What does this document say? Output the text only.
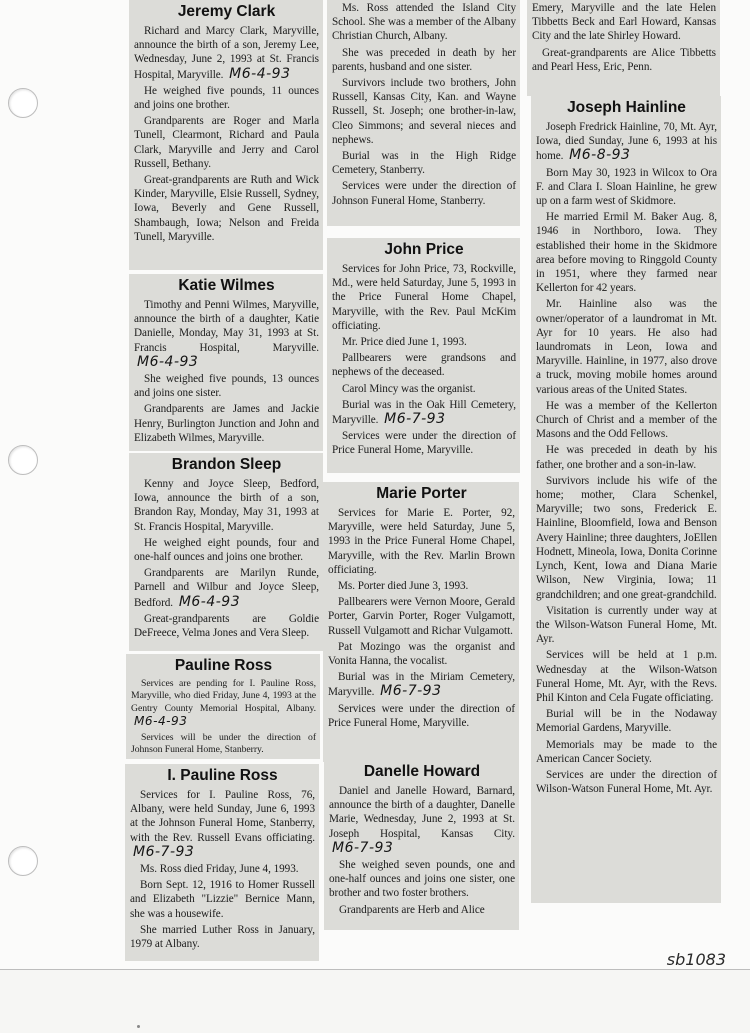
Jeremy Clark
Richard and Marcy Clark, Maryville, announce the birth of a son, Jeremy Lee, Wednesday, June 2, 1993 at St. Francis Hospital, Maryville. M6-4-93
He weighed five pounds, 11 ounces and joins one brother.
Grandparents are Roger and Marla Tunell, Clearmont, Richard and Paula Clark, Maryville and Jerry and Carol Russell, Bethany.
Great-grandparents are Ruth and Wick Kinder, Maryville, Elsie Russell, Sydney, Iowa, Beverly and Gene Russell, Shambaugh, Iowa; Nelson and Freida Tunell, Maryville.
Katie Wilmes
Timothy and Penni Wilmes, Maryville, announce the birth of a daughter, Katie Danielle, Monday, May 31, 1993 at St. Francis Hospital, Maryville. M6-4-93
She weighed five pounds, 13 ounces and joins one sister.
Grandparents are James and Jackie Henry, Burlington Junction and John and Elizabeth Wilmes, Maryville.
Brandon Sleep
Kenny and Joyce Sleep, Bedford, Iowa, announce the birth of a son, Brandon Ray, Monday, May 31, 1993 at St. Francis Hospital, Maryville.
He weighed eight pounds, four and one-half ounces and joins one brother.
Grandparents are Marilyn Runde, Parnell and Wilbur and Joyce Sleep, Bedford. M6-4-93
Great-grandparents are Goldie DeFreece, Velma Jones and Vera Sleep.
Pauline Ross
Services are pending for I. Pauline Ross, Maryville, who died Friday, June 4, 1993 at the Gentry County Memorial Hospital, Albany. M6-4-93
Services will be under the direction of Johnson Funeral Home, Stanberry.
I. Pauline Ross
Services for I. Pauline Ross, 76, Albany, were held Sunday, June 6, 1993 at the Johnson Funeral Home, Stanberry, with the Rev. Russell Evans officiating. M6-7-93
Ms. Ross died Friday, June 4, 1993.
Born Sept. 12, 1916 to Homer Russell and Elizabeth "Lizzie" Bernice Mann, she was a housewife.
She married Luther Ross in January, 1979 at Albany.
Ms. Ross attended the Island City School. She was a member of the Albany Christian Church, Albany.
She was preceded in death by her parents, husband and one sister.
Survivors include two brothers, John Russell, Kansas City, Kan. and Wayne Russell, St. Joseph; one brother-in-law, Cleo Simmons; and several nieces and nephews.
Burial was in the High Ridge Cemetery, Stanberry.
Services were under the direction of Johnson Funeral Home, Stanberry.
John Price
Services for John Price, 73, Rockville, Md., were held Saturday, June 5, 1993 in the Price Funeral Home Chapel, Maryville, with the Rev. Paul McKim officiating.
Mr. Price died June 1, 1993.
Pallbearers were grandsons and nephews of the deceased.
Carol Mincy was the organist.
Burial was in the Oak Hill Cemetery, Maryville. M6-7-93
Services were under the direction of Price Funeral Home, Maryville.
Marie Porter
Services for Marie E. Porter, 92, Maryville, were held Saturday, June 5, 1993 in the Price Funeral Home Chapel, Maryville, with the Rev. Marlin Brown officiating.
Ms. Porter died June 3, 1993.
Pallbearers were Vernon Moore, Gerald Porter, Garvin Porter, Roger Vulgamott, Russell Vulgamott and Richar Vulgamott.
Pat Mozingo was the organist and Vonita Hanna, the vocalist.
Burial was in the Miriam Cemetery, Maryville. M6-7-93
Services were under the direction of Price Funeral Home, Maryville.
Danelle Howard
Daniel and Janelle Howard, Barnard, announce the birth of a daughter, Danelle Marie, Wednesday, June 2, 1993 at St. Joseph Hospital, Kansas City. M6-7-93
She weighed seven pounds, one and one-half ounces and joins one sister, one brother and two foster brothers.
Grandparents are Herb and Alice
Emery, Maryville and the late Helen Tibbetts Beck and Earl Howard, Kansas City and the late Shirley Howard.
Great-grandparents are Alice Tibbetts and Pearl Hess, Eric, Penn.
Joseph Hainline
Joseph Fredrick Hainline, 70, Mt. Ayr, Iowa, died Sunday, June 6, 1993 at his home. M6-8-93
Born May 30, 1923 in Wilcox to Ora F. and Clara I. Sloan Hainline, he grew up on a farm west of Skidmore.
He married Ermil M. Baker Aug. 8, 1946 in Northboro, Iowa. They established their home in the Skidmore area before moving to Ringgold County in 1951, where they farmed near Kellerton for 42 years.
Mr. Hainline also was the owner/operator of a laundromat in Mt. Ayr for 10 years. He also had laundromats in Leon, Iowa and Maryville. Hainline, in 1977, also drove a truck, moving mobile homes around various areas of the United States.
He was a member of the Kellerton Church of Christ and a member of the Masons and the Odd Fellows.
He was preceded in death by his father, one brother and a son-in-law.
Survivors include his wife of the home; mother, Clara Schenkel, Maryville; two sons, Frederick E. Hainline, Bloomfield, Iowa and Benson Avery Hainline; three daughters, JoEllen Hodnett, Mineola, Iowa, Donita Corinne Lynch, Kent, Iowa and Diana Marie Wilson, New Virginia, Iowa; 11 grandchildren; and one great-grandchild.
Visitation is currently under way at the Wilson-Watson Funeral Home, Mt. Ayr.
Services will be held at 1 p.m. Wednesday at the Wilson-Watson Funeral Home, Mt. Ayr, with the Revs. Phil Kinton and Cela Fugate officiating.
Burial will be in the Nodaway Memorial Gardens, Maryville.
Memorials may be made to the American Cancer Society.
Services are under the direction of Wilson-Watson Funeral Home, Mt. Ayr.
sb1083
